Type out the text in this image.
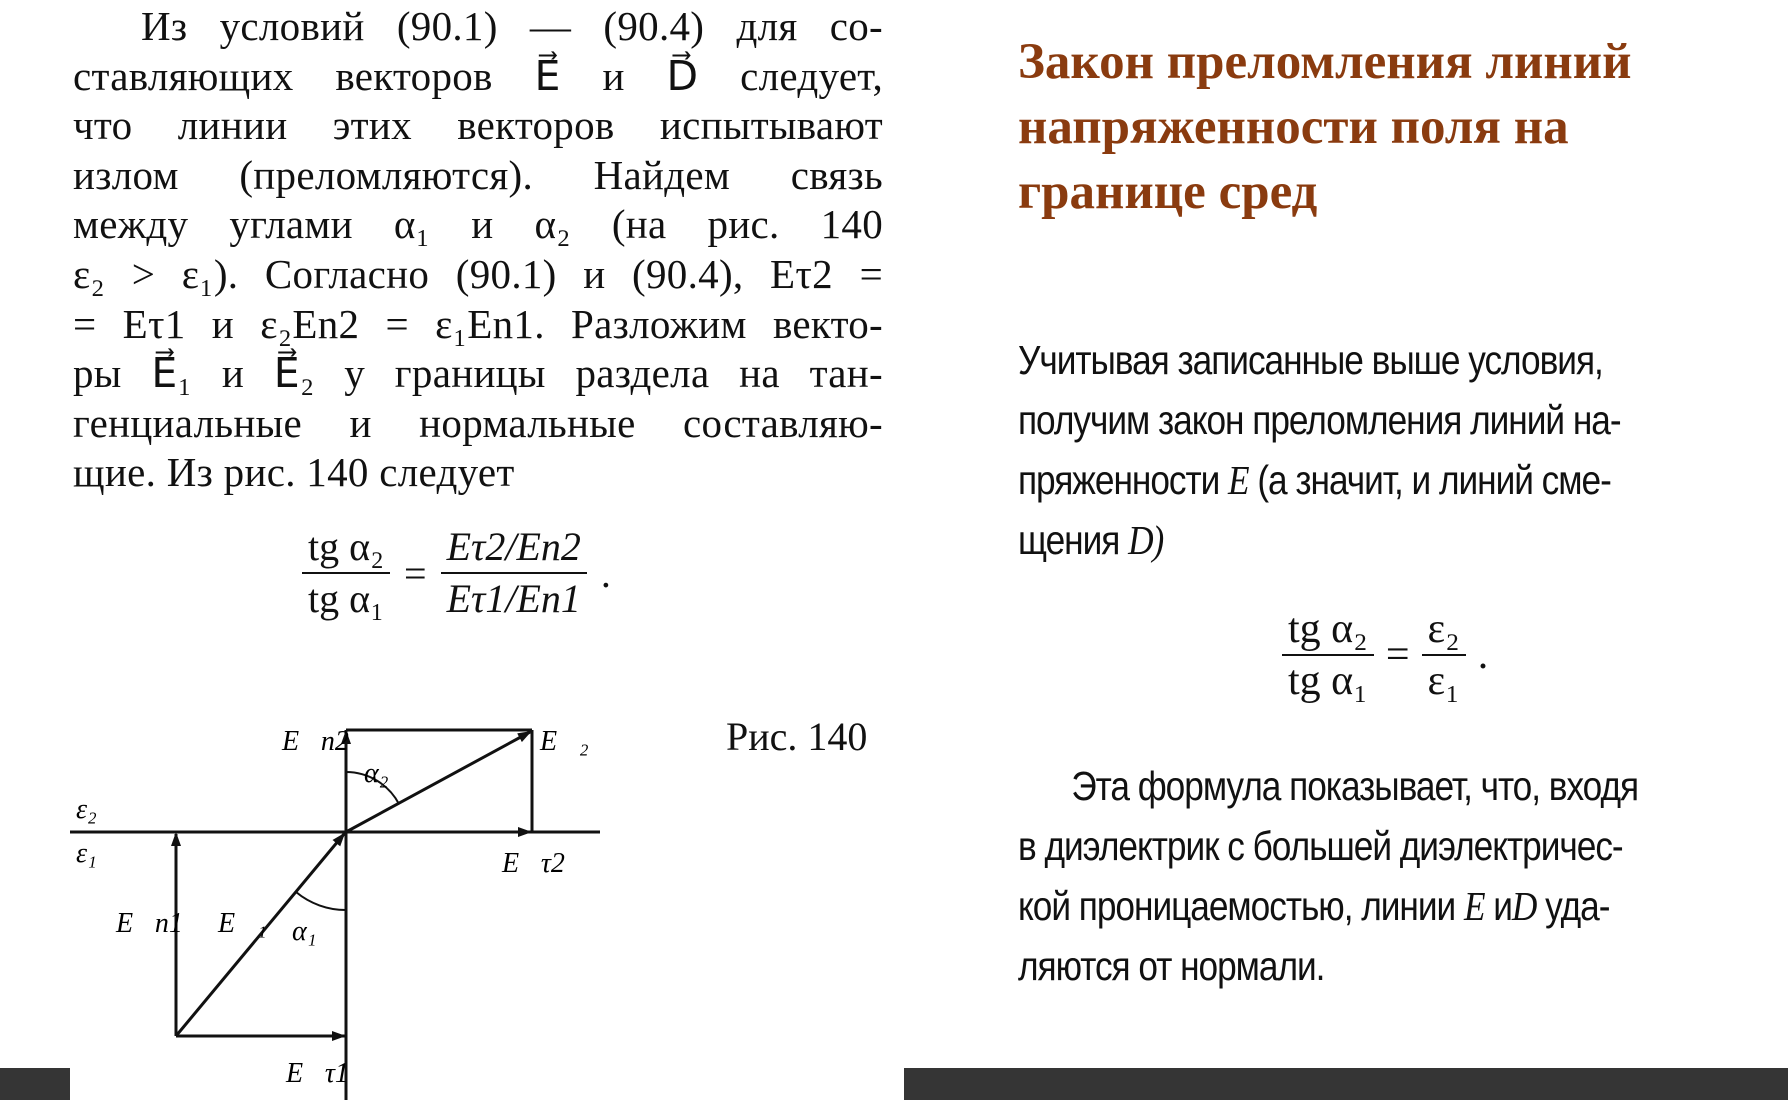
Из условий (90.1) — (90.4) для со-
ставляющих векторов E⃗ и D⃗ следует,
что линии этих векторов испытывают
излом (преломляются). Найдем связь
между углами α₁ и α₂ (на рис. 140
ε₂ > ε₁). Согласно (90.1) и (90.4), Eτ2 =
= Eτ1 и ε₂En2 = ε₁En1. Разложим векто-
ры E⃗₁ и E⃗₂ у границы раздела на тан-
генциальные и нормальные составляю-
щие. Из рис. 140 следует
$\frac{\text{tg α₂}}{\text{tg α₁}} = \frac{E\tau 2/En2}{E\tau 1/En1}$ .
E⃗n2	E⃗₂
α₂
ε₂
ε₁	E⃗τ2
E⃗n1 E⃗₁ α₁
E⃗τ1
Рис. 140
Закон преломления линий
напряженности поля на
границе сред
Учитывая записанные выше условия,
получим закон преломления линий на-
пряженности E (а значит, и линий сме-
щения D)
$\frac{\text{tg α₂}}{\text{tg α₁}} = \frac{\text{ε₂}}{\text{ε₁}}$ .
Эта формула показывает, что, входя
в диэлектрик с большей диэлектричес-
кой проницаемостью, линии E иD уда-
ляются от нормали.
